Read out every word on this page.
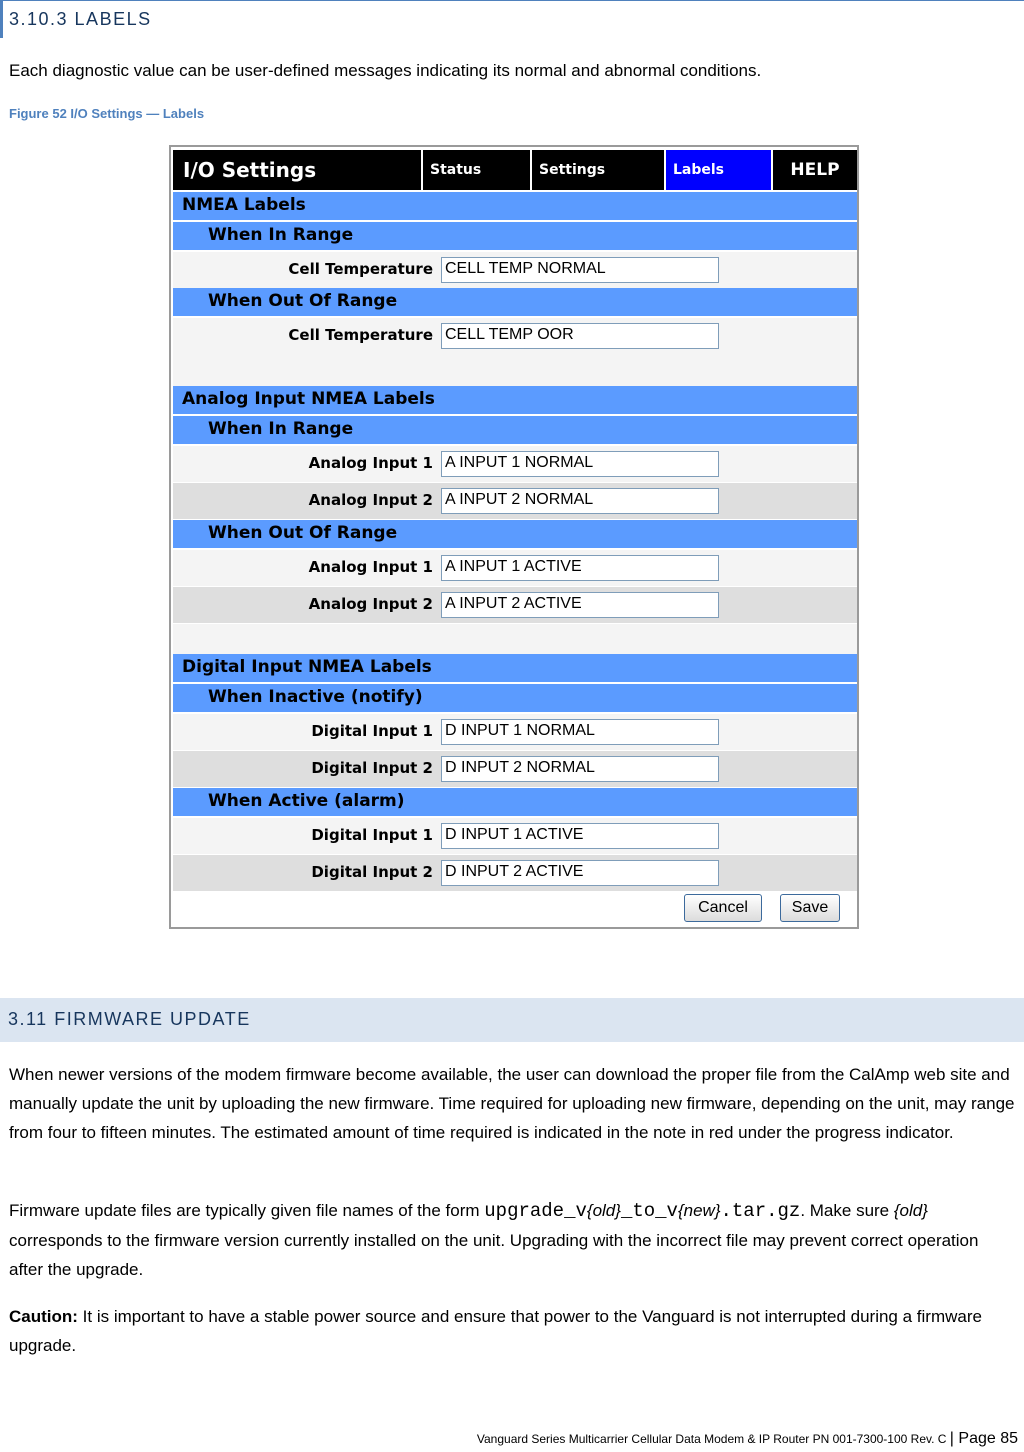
3.10.3 LABELS
Each diagnostic value can be user-defined messages indicating its normal and abnormal conditions.
Figure 52 I/O Settings — Labels
I/O Settings	Status	Settings	Labels	HELP
NMEA Labels
When In Range
Cell Temperature CELL TEMP NORMAL
When Out Of Range
Cell Temperature CELL TEMP OOR
Analog Input NMEA Labels
When In Range
Analog Input 1 A INPUT 1 NORMAL
Analog Input 2 A INPUT 2 NORMAL
When Out Of Range
Analog Input 1 A INPUT 1 ACTIVE
Analog Input 2 A INPUT 2 ACTIVE
Digital Input NMEA Labels
When Inactive (notify)
Digital Input 1 D INPUT 1 NORMAL
Digital Input 2 D INPUT 2 NORMAL
When Active (alarm)
Digital Input 1 D INPUT 1 ACTIVE
Digital Input 2 D INPUT 2 ACTIVE
Cancel	Save
3.11 FIRMWARE UPDATE
When newer versions of the modem firmware become available, the user can download the proper file from the CalAmp web site and manually update the unit by uploading the new firmware. Time required for uploading new firmware, depending on the unit, may range from four to fifteen minutes. The estimated amount of time required is indicated in the note in red under the progress indicator.
Firmware update files are typically given file names of the form upgrade_v{old}_to_v{new}.tar.gz. Make sure {old} corresponds to the firmware version currently installed on the unit. Upgrading with the incorrect file may prevent correct operation after the upgrade.
Caution: It is important to have a stable power source and ensure that power to the Vanguard is not interrupted during a firmware upgrade.
Vanguard Series Multicarrier Cellular Data Modem & IP Router PN 001-7300-100 Rev. C | Page 85
